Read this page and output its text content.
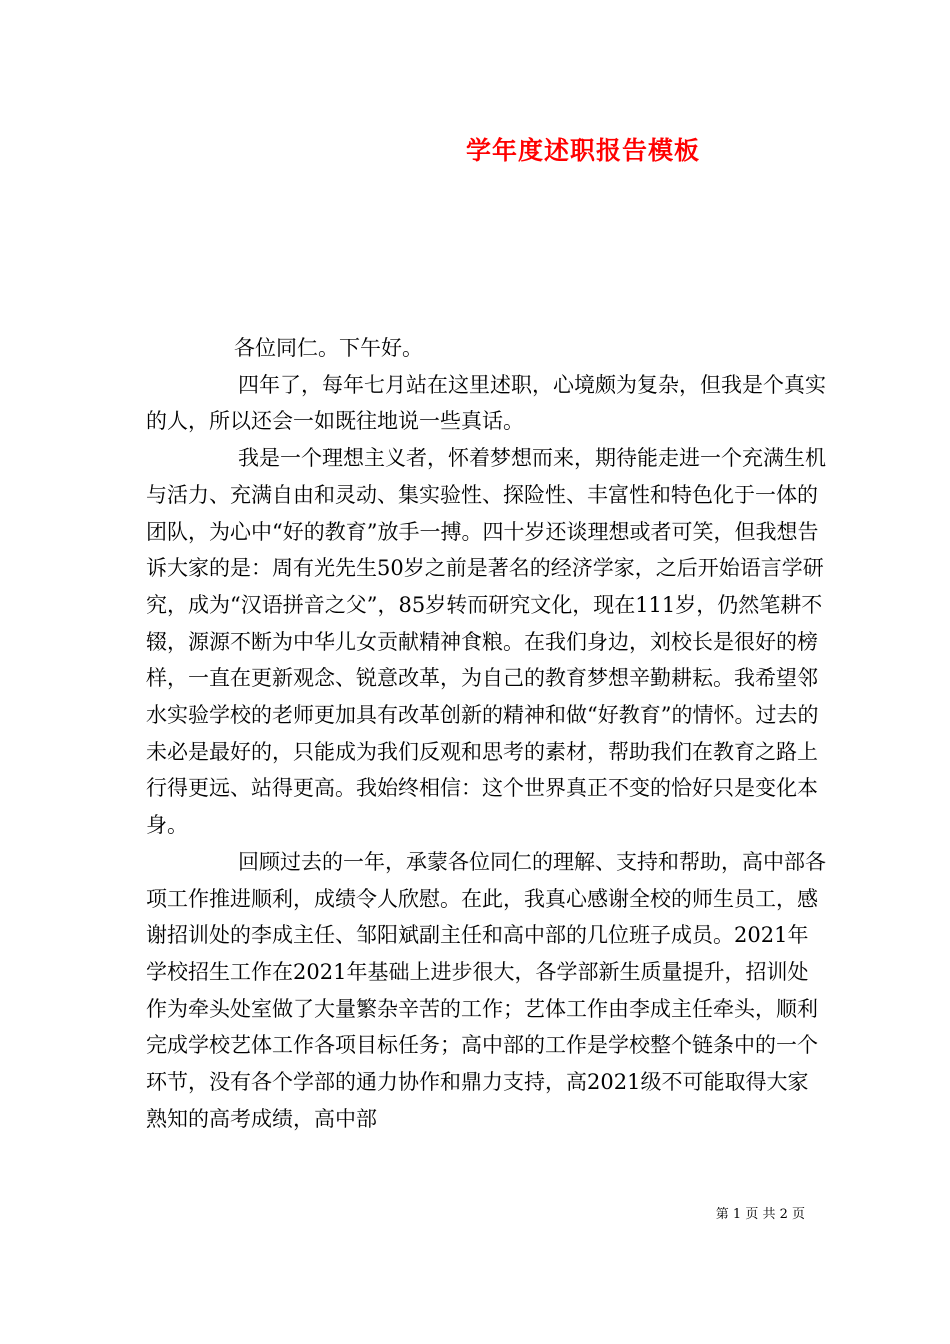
学年度述职报告模板

各位同仁。下午好。

四年了，每年七月站在这里述职，心境颇为复杂，但我是个真实的人，所以还会一如既往地说一些真话。

我是一个理想主义者，怀着梦想而来，期待能走进一个充满生机与活力、充满自由和灵动、集实验性、探险性、丰富性和特色化于一体的团队，为心中“好的教育”放手一搏。四十岁还谈理想或者可笑，但我想告诉大家的是：周有光先生50岁之前是著名的经济学家，之后开始语言学研究，成为“汉语拼音之父”，85岁转而研究文化，现在111岁，仍然笔耕不辍，源源不断为中华儿女贡献精神食粮。在我们身边，刘校长是很好的榜样，一直在更新观念、锐意改革，为自己的教育梦想辛勤耕耘。我希望邻水实验学校的老师更加具有改革创新的精神和做“好教育”的情怀。过去的未必是最好的，只能成为我们反观和思考的素材，帮助我们在教育之路上行得更远、站得更高。我始终相信：这个世界真正不变的恰好只是变化本身。

回顾过去的一年，承蒙各位同仁的理解、支持和帮助，高中部各项工作推进顺利，成绩令人欣慰。在此，我真心感谢全校的师生员工，感谢招训处的李成主任、邹阳斌副主任和高中部的几位班子成员。2021年学校招生工作在2021年基础上进步很大，各学部新生质量提升，招训处作为牵头处室做了大量繁杂辛苦的工作；艺体工作由李成主任牵头，顺利完成学校艺体工作各项目标任务；高中部的工作是学校整个链条中的一个环节，没有各个学部的通力协作和鼎力支持，高2021级不可能取得大家熟知的高考成绩，高中部

第 1 页 共 2 页
